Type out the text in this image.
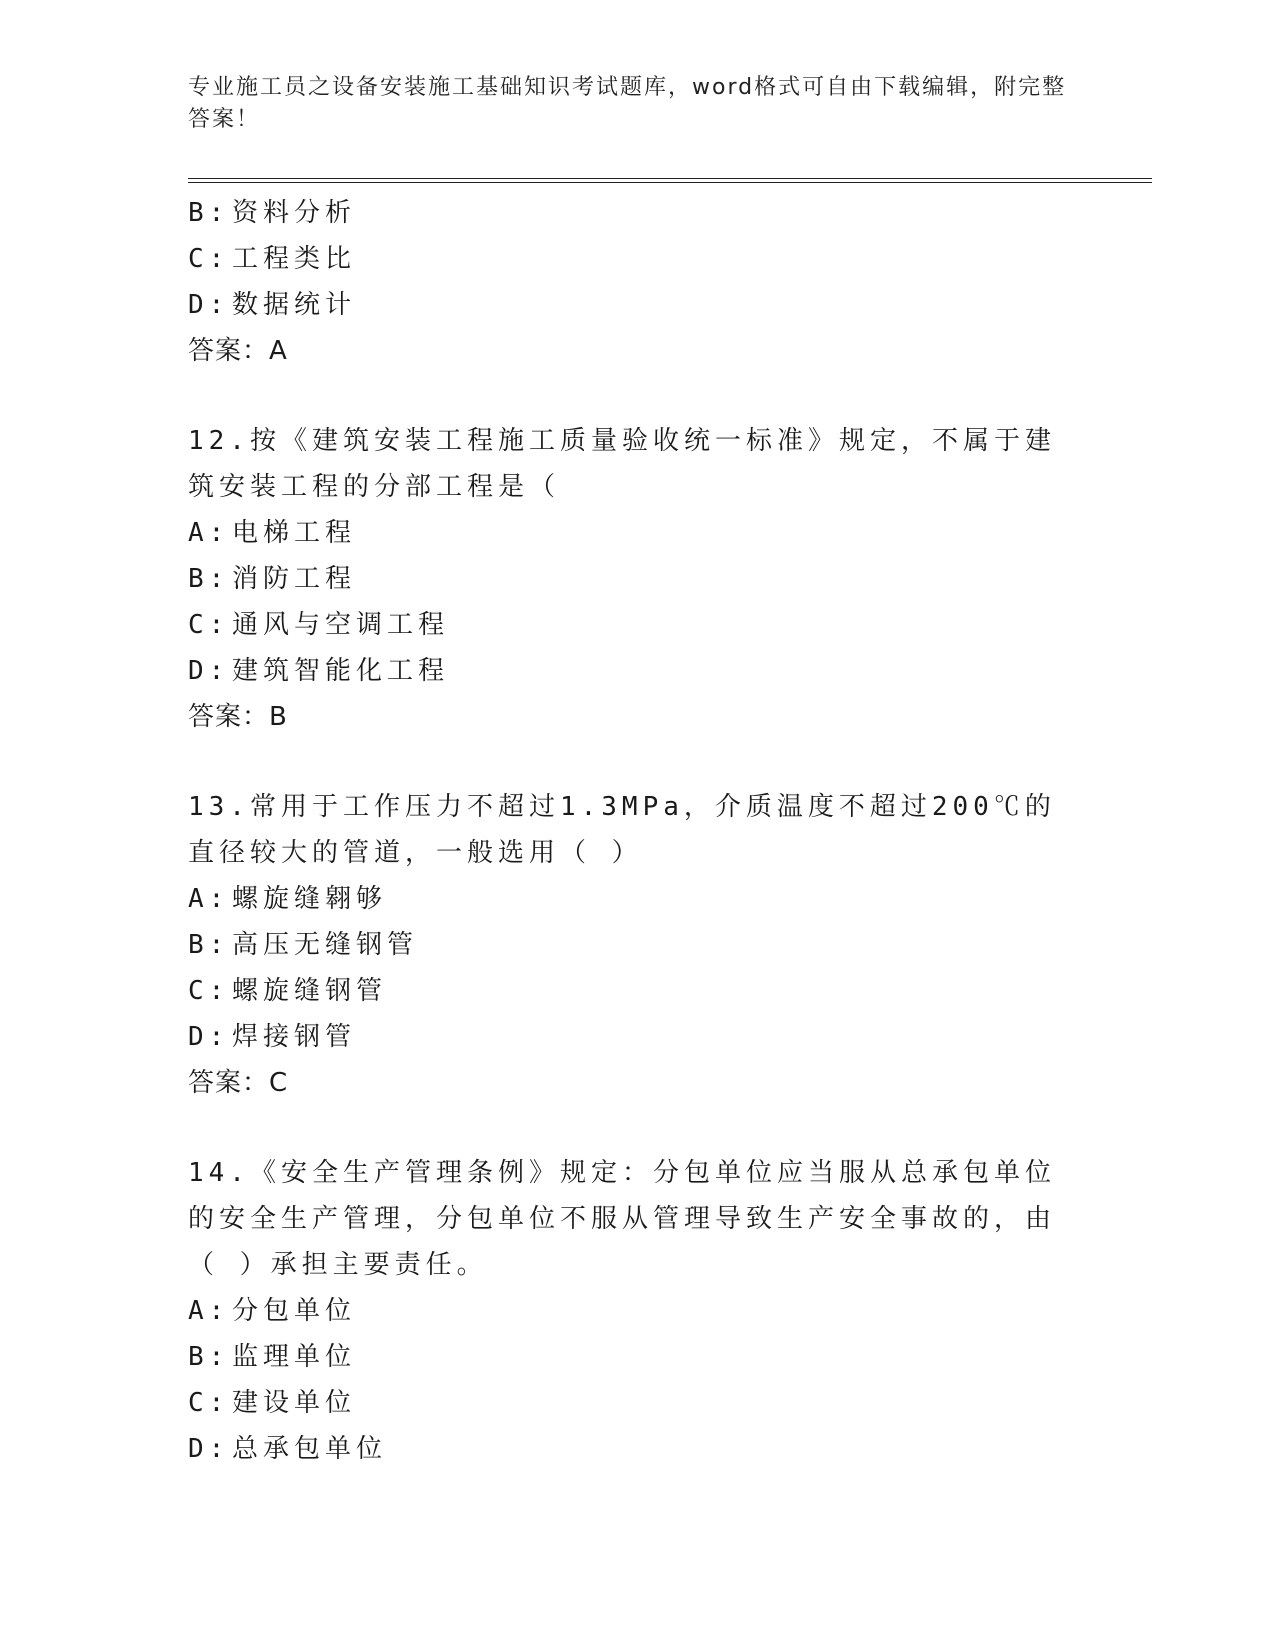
专业施工员之设备安装施工基础知识考试题库，word格式可自由下载编辑，附完整答案！
B: 资料分析
C: 工程类比
D: 数据统计
答案：A
12.按《建筑安装工程施工质量验收统一标准》规定，不属于建筑安装工程的分部工程是（
A: 电梯工程
B: 消防工程
C: 通风与空调工程
D: 建筑智能化工程
答案：B
13.常用于工作压力不超过1.3MPa，介质温度不超过200℃的直径较大的管道，一般选用（ ）
A: 螺旋缝翱够
B: 高压无缝钢管
C: 螺旋缝钢管
D: 焊接钢管
答案：C
14.《安全生产管理条例》规定：分包单位应当服从总承包单位的安全生产管理，分包单位不服从管理导致生产安全事故的，由（ ）承担主要责任。
A: 分包单位
B: 监理单位
C: 建设单位
D: 总承包单位
